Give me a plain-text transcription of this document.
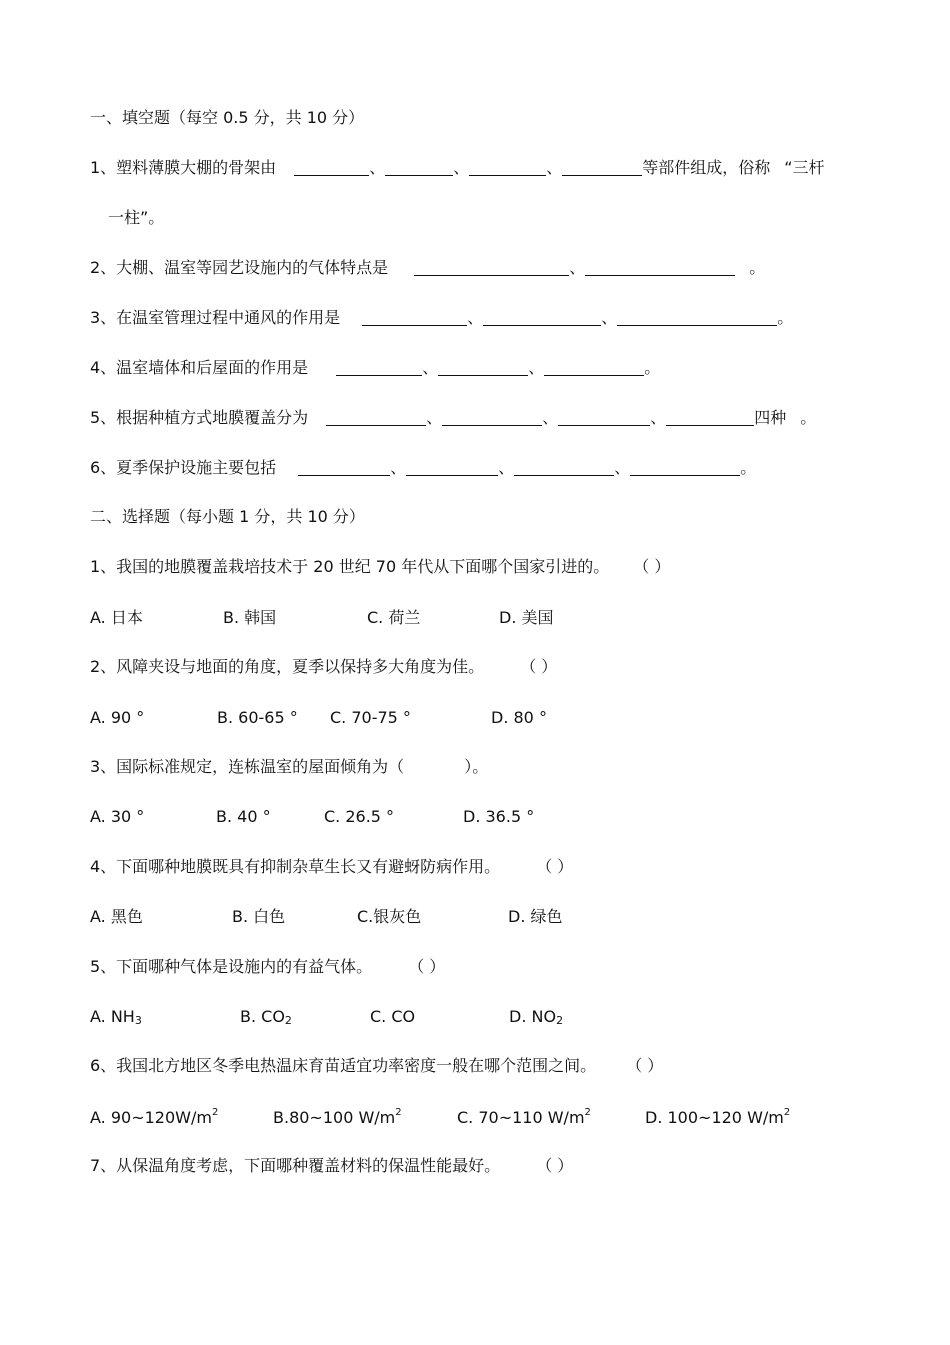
一、填空题（每空 0.5 分，共 10 分）
1、塑料薄膜大棚的骨架由	、	、	、	等部件组成，俗称 “三杆
一柱”。
2、大棚、温室等园艺设施内的气体特点是	、	。
3、在温室管理过程中通风的作用是	、	、	。
4、温室墙体和后屋面的作用是	、	、	。
5、根据种植方式地膜覆盖分为	、	、	、	四种 。
6、夏季保护设施主要包括	、	、	、	。
二、选择题（每小题 1 分，共 10 分）
1、我国的地膜覆盖栽培技术于 20 世纪 70 年代从下面哪个国家引进的。 （ ）
A. 日本	B. 韩国	C. 荷兰	D. 美国
2、风障夹设与地面的角度，夏季以保持多大角度为佳。 （ ）
A. 90 °	B. 60-65 ° C. 70-75 °	D. 80 °
3、国际标准规定，连栋温室的屋面倾角为（	）。
A. 30 °	B. 40 °	C. 26.5 °	D. 36.5 °
4、下面哪种地膜既具有抑制杂草生长又有避蚜防病作用。 （ ）
A. 黑色	B. 白色	C.银灰色	D. 绿色
5、下面哪种气体是设施内的有益气体。 （ ）
A. $NH_3$	B. $CO_2$	C. CO	D. $NO_2$
6、我国北方地区冬季电热温床育苗适宜功率密度一般在哪个范围之间。 （ ）
A. $90\sim 120W/m^2$	B.80~100 $W/m^2$	C. 70~110 $W/m^2$	D. 100~120 $W/m^2$
7、从保温角度考虑，下面哪种覆盖材料的保温性能最好。 （ ）
